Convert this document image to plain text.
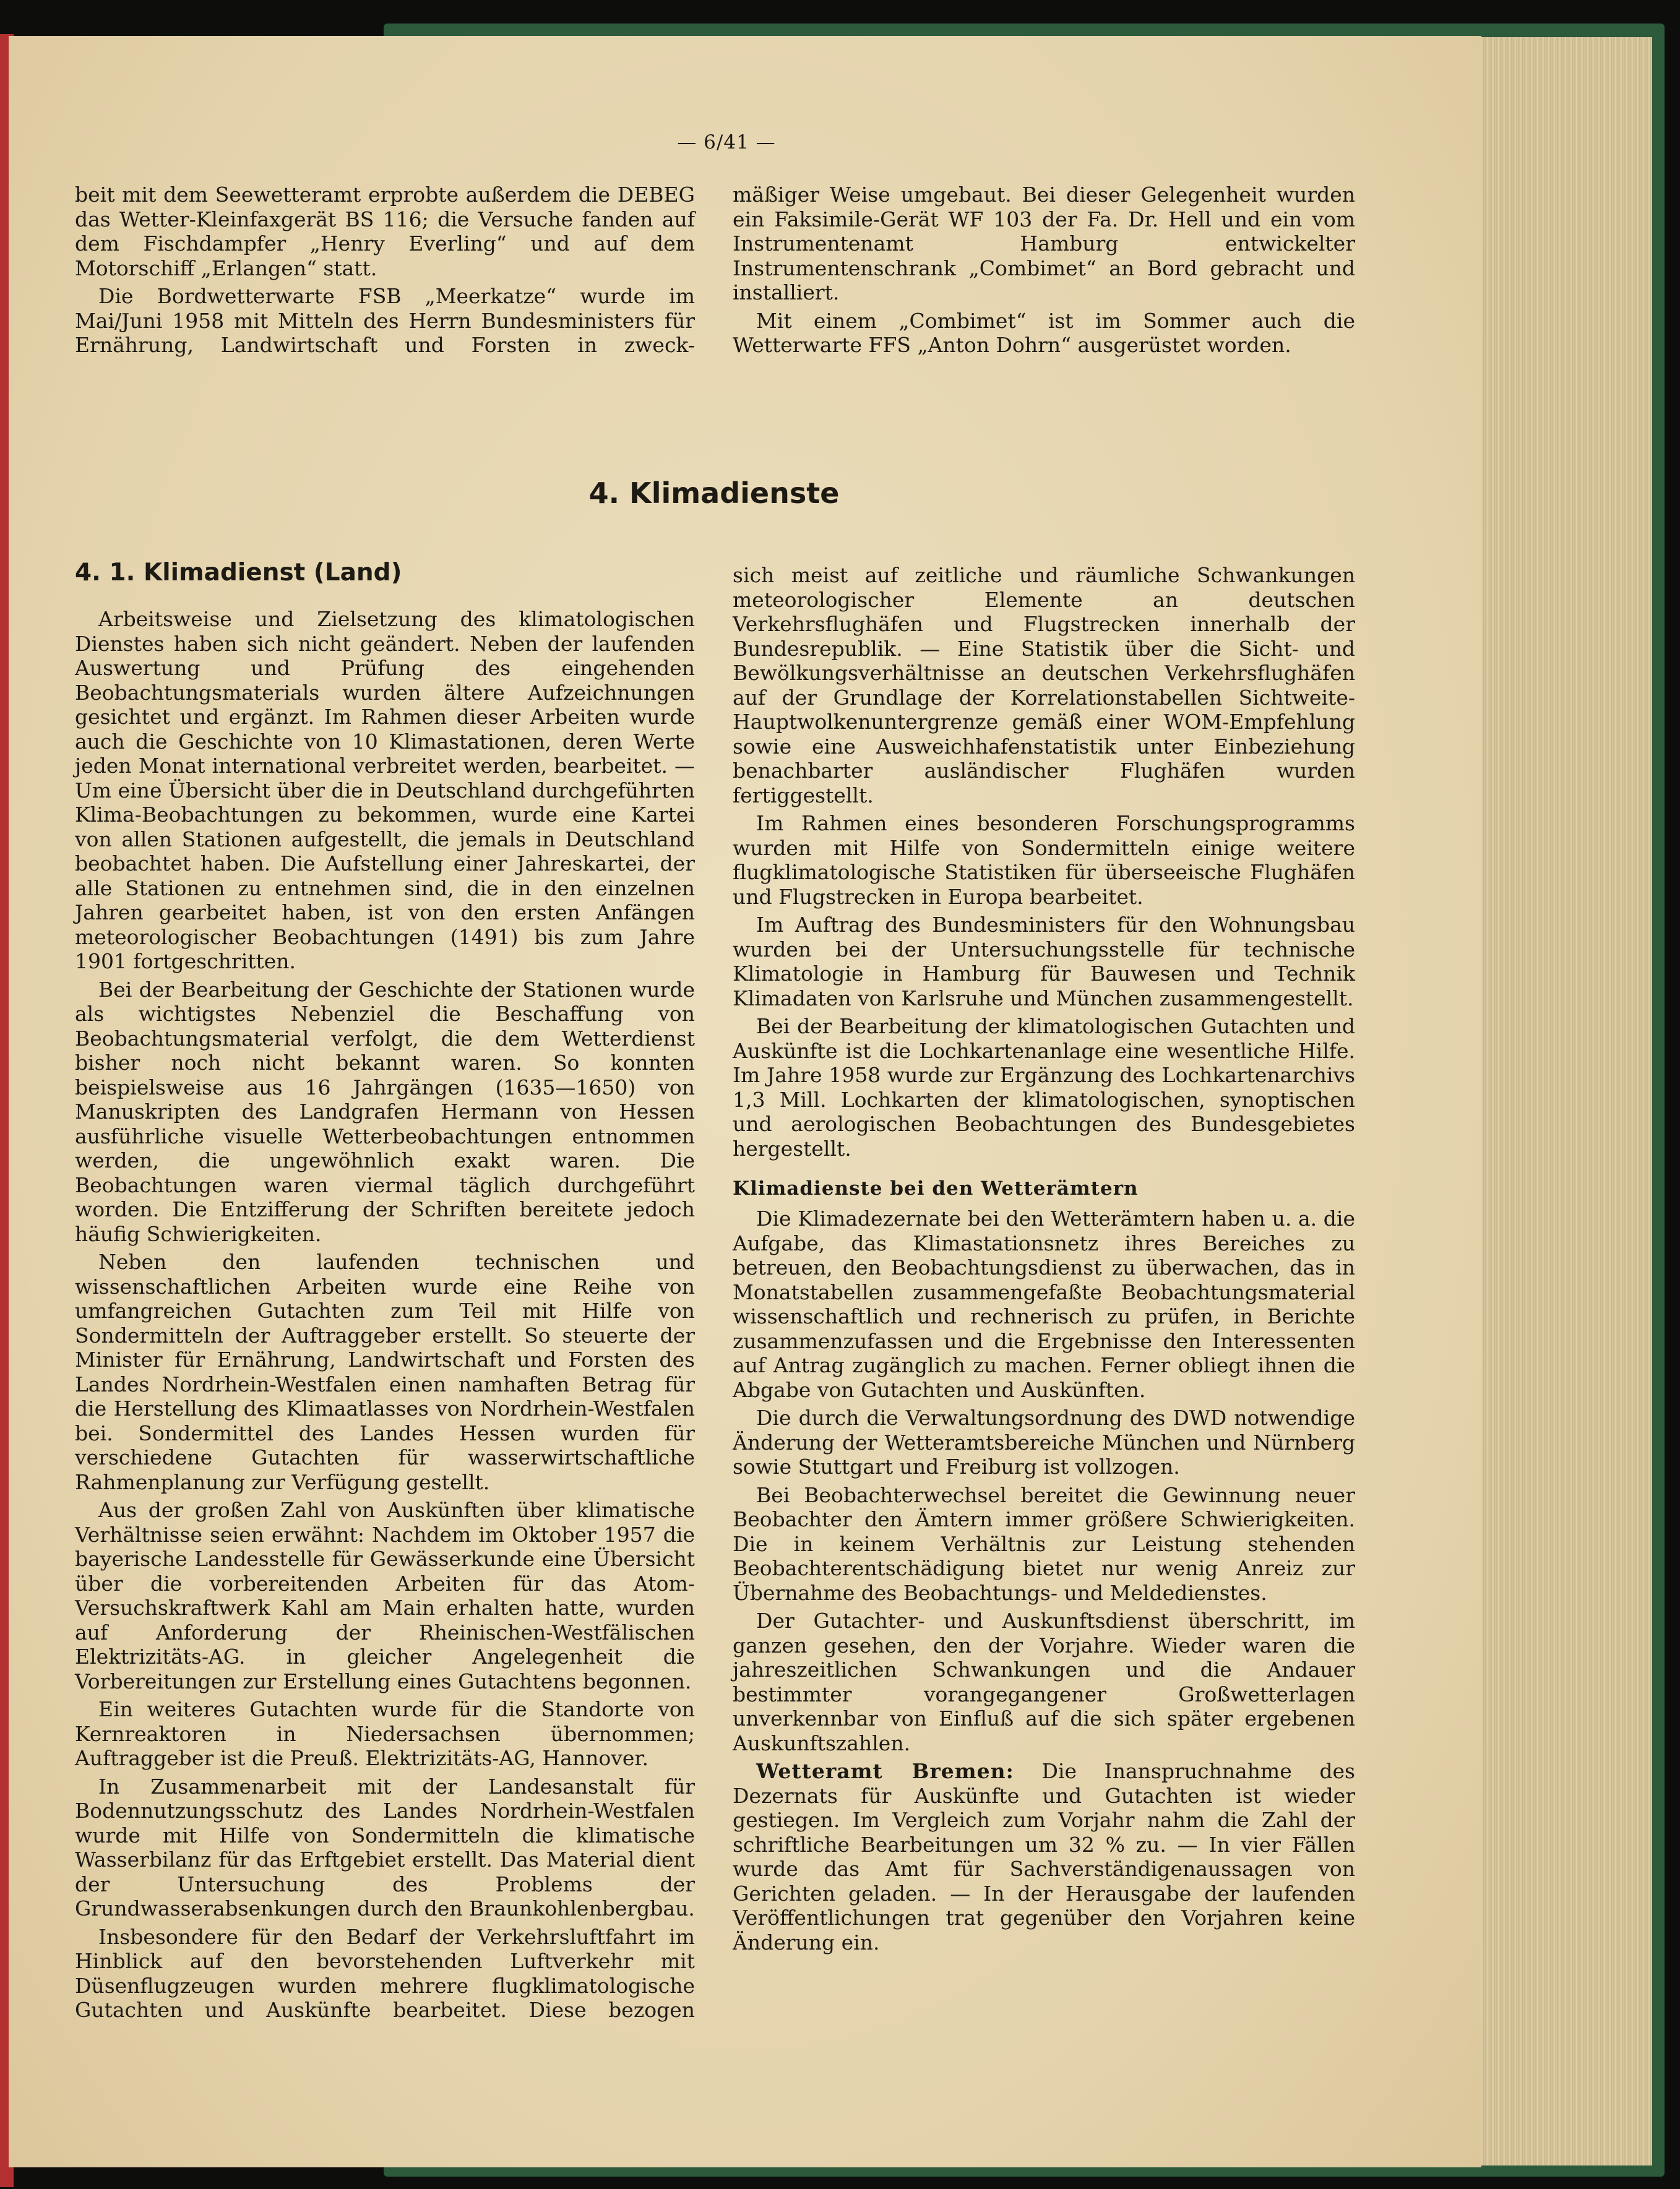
— 6/41 —

beit mit dem Seewetteramt erprobte außerdem die DEBEG das Wetter-Kleinfaxgerät BS 116; die Versuche fanden auf dem Fischdampfer „Henry Everling“ und auf dem Motorschiff „Erlangen“ statt.

Die Bordwetterwarte FSB „Meerkatze“ wurde im Mai/Juni 1958 mit Mitteln des Herrn Bundesministers für Ernährung, Landwirtschaft und Forsten in zweck-

mäßiger Weise umgebaut. Bei dieser Gelegenheit wurden ein Faksimile-Gerät WF 103 der Fa. Dr. Hell und ein vom Instrumentenamt Hamburg entwickelter Instrumentenschrank „Combimet“ an Bord gebracht und installiert.

Mit einem „Combimet“ ist im Sommer auch die Wetterwarte FFS „Anton Dohrn“ ausgerüstet worden.

4. Klimadienste
4. 1. Klimadienst (Land)

Arbeitsweise und Zielsetzung des klimatologischen Dienstes haben sich nicht geändert. Neben der laufenden Auswertung und Prüfung des eingehenden Beobachtungsmaterials wurden ältere Aufzeichnungen gesichtet und ergänzt. Im Rahmen dieser Arbeiten wurde auch die Geschichte von 10 Klimastationen, deren Werte jeden Monat international verbreitet werden, bearbeitet. — Um eine Übersicht über die in Deutschland durchgeführten Klima-Beobachtungen zu bekommen, wurde eine Kartei von allen Stationen aufgestellt, die jemals in Deutschland beobachtet haben. Die Aufstellung einer Jahreskartei, der alle Stationen zu entnehmen sind, die in den einzelnen Jahren gearbeitet haben, ist von den ersten Anfängen meteorologischer Beobachtungen (1491) bis zum Jahre 1901 fortgeschritten.

Bei der Bearbeitung der Geschichte der Stationen wurde als wichtigstes Nebenziel die Beschaffung von Beobachtungsmaterial verfolgt, die dem Wetterdienst bisher noch nicht bekannt waren. So konnten beispielsweise aus 16 Jahrgängen (1635—1650) von Manuskripten des Landgrafen Hermann von Hessen ausführliche visuelle Wetterbeobachtungen entnommen werden, die ungewöhnlich exakt waren. Die Beobachtungen waren viermal täglich durchgeführt worden. Die Entzifferung der Schriften bereitete jedoch häufig Schwierigkeiten.

Neben den laufenden technischen und wissenschaftlichen Arbeiten wurde eine Reihe von umfangreichen Gutachten zum Teil mit Hilfe von Sondermitteln der Auftraggeber erstellt. So steuerte der Minister für Ernährung, Landwirtschaft und Forsten des Landes Nordrhein-Westfalen einen namhaften Betrag für die Herstellung des Klimaatlasses von Nordrhein-Westfalen bei. Sondermittel des Landes Hessen wurden für verschiedene Gutachten für wasserwirtschaftliche Rahmenplanung zur Verfügung gestellt.

Aus der großen Zahl von Auskünften über klimatische Verhältnisse seien erwähnt: Nachdem im Oktober 1957 die bayerische Landesstelle für Gewässerkunde eine Übersicht über die vorbereitenden Arbeiten für das Atom-Versuchskraftwerk Kahl am Main erhalten hatte, wurden auf Anforderung der Rheinischen-Westfälischen Elektrizitäts-AG. in gleicher Angelegenheit die Vorbereitungen zur Erstellung eines Gutachtens begonnen.

Ein weiteres Gutachten wurde für die Standorte von Kernreaktoren in Niedersachsen übernommen; Auftraggeber ist die Preuß. Elektrizitäts-AG, Hannover.

In Zusammenarbeit mit der Landesanstalt für Bodennutzungsschutz des Landes Nordrhein-Westfalen wurde mit Hilfe von Sondermitteln die klimatische Wasserbilanz für das Erftgebiet erstellt. Das Material dient der Untersuchung des Problems der Grundwasserabsenkungen durch den Braunkohlenbergbau.

Insbesondere für den Bedarf der Verkehrsluftfahrt im Hinblick auf den bevorstehenden Luftverkehr mit Düsenflugzeugen wurden mehrere flugklimatologische Gutachten und Auskünfte bearbeitet. Diese bezogen

sich meist auf zeitliche und räumliche Schwankungen meteorologischer Elemente an deutschen Verkehrsflughäfen und Flugstrecken innerhalb der Bundesrepublik. — Eine Statistik über die Sicht- und Bewölkungsverhältnisse an deutschen Verkehrsflughäfen auf der Grundlage der Korrelationstabellen Sichtweite-Hauptwolkenuntergrenze gemäß einer WOM-Empfehlung sowie eine Ausweichhafenstatistik unter Einbeziehung benachbarter ausländischer Flughäfen wurden fertiggestellt.

Im Rahmen eines besonderen Forschungsprogramms wurden mit Hilfe von Sondermitteln einige weitere flugklimatologische Statistiken für überseeische Flughäfen und Flugstrecken in Europa bearbeitet.

Im Auftrag des Bundesministers für den Wohnungsbau wurden bei der Untersuchungsstelle für technische Klimatologie in Hamburg für Bauwesen und Technik Klimadaten von Karlsruhe und München zusammengestellt.

Bei der Bearbeitung der klimatologischen Gutachten und Auskünfte ist die Lochkartenanlage eine wesentliche Hilfe. Im Jahre 1958 wurde zur Ergänzung des Lochkartenarchivs 1,3 Mill. Lochkarten der klimatologischen, synoptischen und aerologischen Beobachtungen des Bundesgebietes hergestellt.

Klimadienste bei den Wetterämtern

Die Klimadezernate bei den Wetterämtern haben u. a. die Aufgabe, das Klimastationsnetz ihres Bereiches zu betreuen, den Beobachtungsdienst zu überwachen, das in Monatstabellen zusammengefaßte Beobachtungsmaterial wissenschaftlich und rechnerisch zu prüfen, in Berichte zusammenzufassen und die Ergebnisse den Interessenten auf Antrag zugänglich zu machen. Ferner obliegt ihnen die Abgabe von Gutachten und Auskünften.

Die durch die Verwaltungsordnung des DWD notwendige Änderung der Wetteramtsbereiche München und Nürnberg sowie Stuttgart und Freiburg ist vollzogen.

Bei Beobachterwechsel bereitet die Gewinnung neuer Beobachter den Ämtern immer größere Schwierigkeiten. Die in keinem Verhältnis zur Leistung stehenden Beobachterentschädigung bietet nur wenig Anreiz zur Übernahme des Beobachtungs- und Meldedienstes.

Der Gutachter- und Auskunftsdienst überschritt, im ganzen gesehen, den der Vorjahre. Wieder waren die jahreszeitlichen Schwankungen und die Andauer bestimmter vorangegangener Großwetterlagen unverkennbar von Einfluß auf die sich später ergebenen Auskunftszahlen.

Wetteramt Bremen: Die Inanspruchnahme des Dezernats für Auskünfte und Gutachten ist wieder gestiegen. Im Vergleich zum Vorjahr nahm die Zahl der schriftliche Bearbeitungen um 32 % zu. — In vier Fällen wurde das Amt für Sachverständigenaussagen von Gerichten geladen. — In der Herausgabe der laufenden Veröffentlichungen trat gegenüber den Vorjahren keine Änderung ein.
